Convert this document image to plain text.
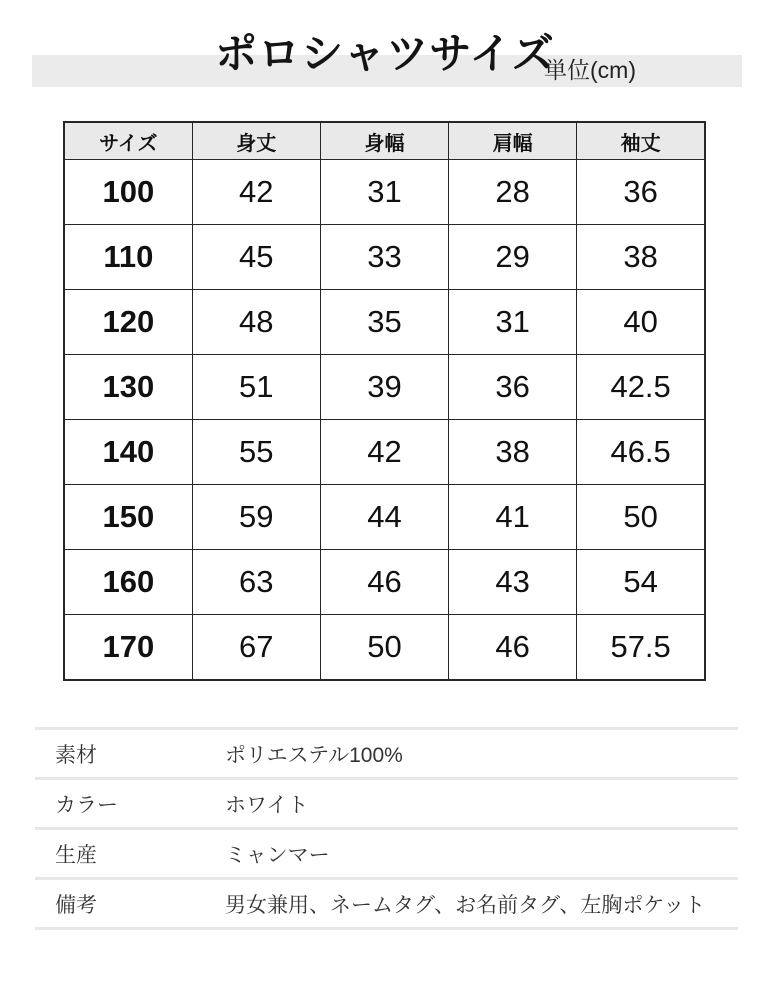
ポロシャツサイズ
単位(cm)
サイズ	身丈	身幅	肩幅	袖丈
100	42	31	28	36
110	45	33	29	38
120	48	35	31	40
130	51	39	36	42.5
140	55	42	38	46.5
150	59	44	41	50
160	63	46	43	54
170	67	50	46	57.5
素材	ポリエステル100%
カラー	ホワイト
生産	ミャンマー
備考	男女兼用、ネームタグ、お名前タグ、左胸ポケット
